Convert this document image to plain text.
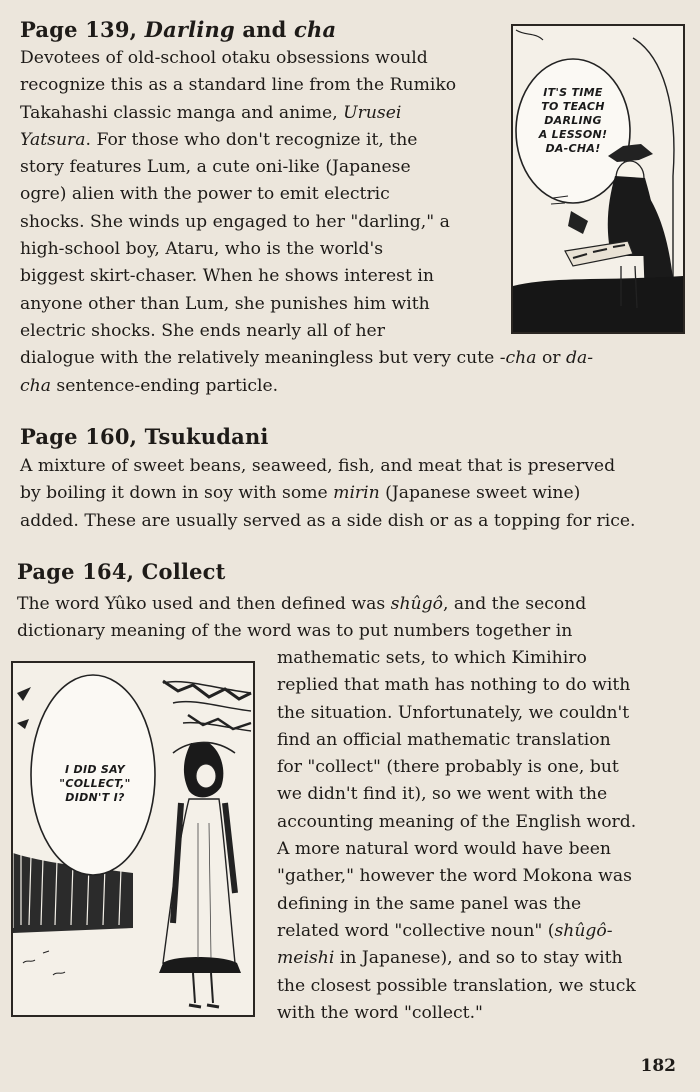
Page 139, Darling and cha
Devotees of old-school otaku obsessions would
recognize this as a standard line from the Rumiko
Takahashi classic manga and anime, Urusei
Yatsura. For those who don't recognize it, the
story features Lum, a cute oni-like (Japanese
ogre) alien with the power to emit electric
shocks. She winds up engaged to her "darling," a
high-school boy, Ataru, who is the world's
biggest skirt-chaser. When he shows interest in
anyone other than Lum, she punishes him with
electric shocks. She ends nearly all of her
dialogue with the relatively meaningless but very cute -cha or da-
cha sentence-ending particle.
IT'S TIME
TO TEACH
DARLING
A LESSON!
DA-CHA!
Page 160, Tsukudani
A mixture of sweet beans, seaweed, fish, and meat that is preserved
by boiling it down in soy with some mirin (Japanese sweet wine)
added. These are usually served as a side dish or as a topping for rice.
Page 164, Collect
The word Yûko used and then defined was shûgô, and the second
dictionary meaning of the word was to put numbers together in
mathematic sets, to which Kimihiro
replied that math has nothing to do with
the situation. Unfortunately, we couldn't
find an official mathematic translation
for "collect" (there probably is one, but
we didn't find it), so we went with the
accounting meaning of the English word.
A more natural word would have been
"gather," however the word Mokona was
defining in the same panel was the
related word "collective noun" (shûgô-
meishi in Japanese), and so to stay with
the closest possible translation, we stuck
with the word "collect."
I DID SAY
"COLLECT,"
DIDN'T I?
182
